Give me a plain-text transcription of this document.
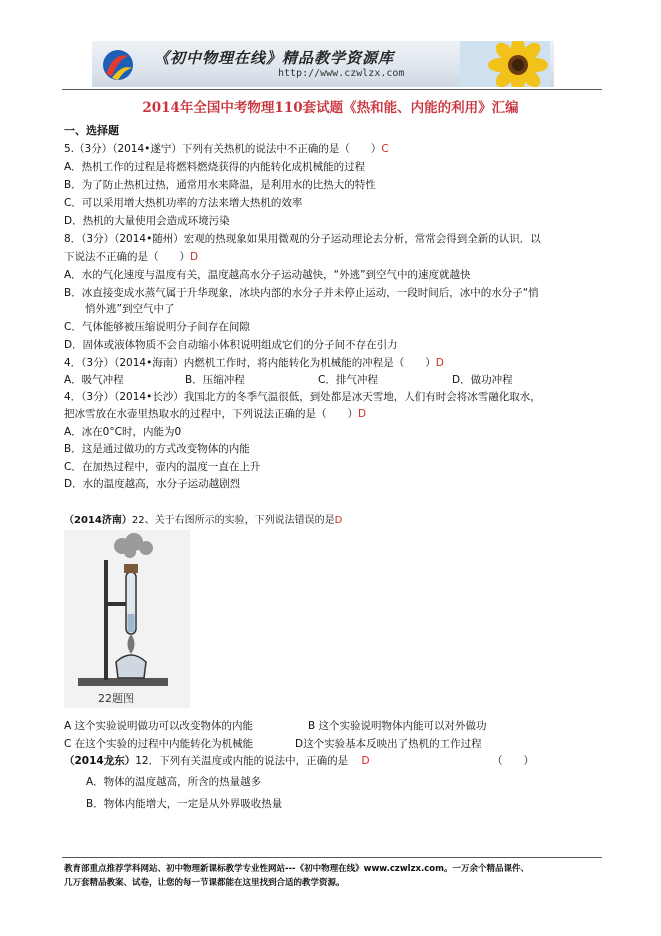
《初中物理在线》精品教学资源库
http://www.czwlzx.com
2014年全国中考物理110套试题《热和能、内能的利用》汇编
一、选择题
5.（3分）（2014•遂宁）下列有关热机的说法中不正确的是（　　）C
A．热机工作的过程是将燃料燃烧获得的内能转化成机械能的过程
B．为了防止热机过热，通常用水来降温，是利用水的比热大的特性
C．可以采用增大热机功率的方法来增大热机的效率
D．热机的大量使用会造成环境污染
8．（3分）（2014•随州）宏观的热现象如果用微观的分子运动理论去分析，常常会得到全新的认识．以
下说法不正确的是（　　）D
A．水的气化速度与温度有关，温度越高水分子运动越快，“外逃”到空气中的速度就越快
B．冰直接变成水蒸气属于升华现象，冰块内部的水分子并未停止运动，一段时间后，冰中的水分子“悄
　　悄外逃”到空气中了
C．气体能够被压缩说明分子间存在间隙
D．固体或液体物质不会自动缩小体积说明组成它们的分子间不存在引力
4．（3分）（2014•海南）内燃机工作时，将内能转化为机械能的冲程是（　　）D
A．吸气冲程	B．压缩冲程	C．排气冲程	D．做功冲程
4．（3分）（2014•长沙）我国北方的冬季气温很低，到处都是冰天雪地，人们有时会将冰雪融化取水，
把冰雪放在水壶里热取水的过程中，下列说法正确的是（　　）D
A．冰在0°C时，内能为0
B．这是通过做功的方式改变物体的内能
C．在加热过程中，壶内的温度一直在上升
D．水的温度越高，水分子运动越剧烈
（2014济南）22、关于右图所示的实验，下列说法错误的是D
22题图
A 这个实验说明做功可以改变物体的内能	B 这个实验说明物体内能可以对外做功
C 在这个实验的过程中内能转化为机械能	D这个实验基本反映出了热机的工作过程
（2014龙东）12．下列有关温度或内能的说法中，正确的是 D	（　　）
A．物体的温度越高，所含的热量越多
B．物体内能增大，一定是从外界吸收热量
教育部重点推荐学科网站、初中物理新课标教学专业性网站---《初中物理在线》www.czwlzx.com。一万余个精品课件、
几万套精品教案、试卷，让您的每一节课都能在这里找到合适的教学资源。
